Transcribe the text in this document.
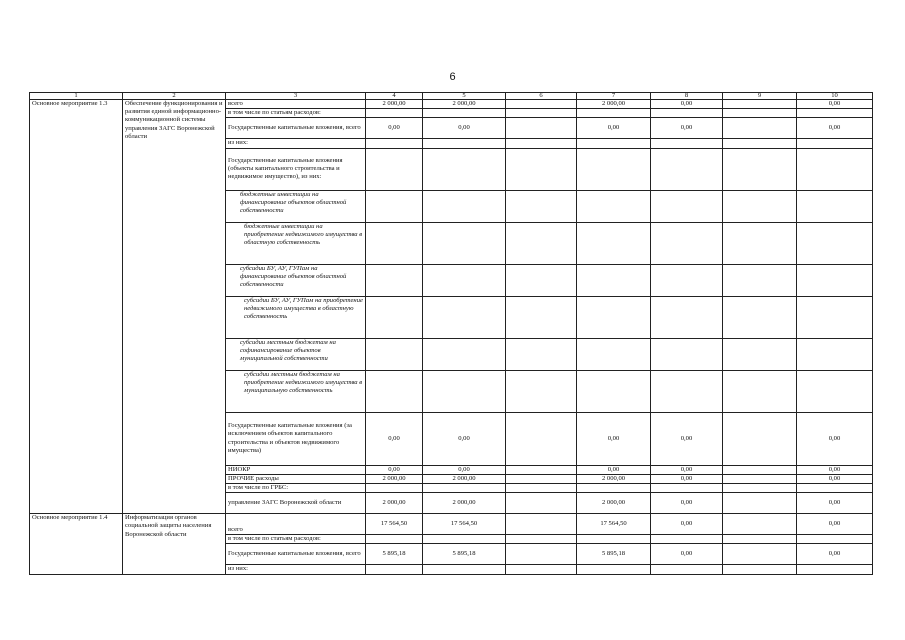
6
1	2	3	4	5	6	7	8	9	10
Основное мероприятие 1.3	Обеспечение функционирования и развития единой информационно-коммуникационной системы управления ЗАГС Воронежской области	всего	2 000,00	2 000,00		2 000,00	0,00		0,00
		в том числе по статьям расходов:							
		Государственные капитальные вложения, всего	0,00	0,00		0,00	0,00		0,00
		из них:							
		Государственные капитальные вложения (объекты капитального строительства и недвижимое имущество), из них:							
		бюджетные инвестиции на финансирование объектов областной собственности							
		бюджетные инвестиции на приобретение недвижимого имущества в областную собственность							
		субсидии БУ, АУ, ГУПам на финансирование объектов областной собственности							
		субсидии БУ, АУ, ГУПам на приобретение недвижимого имущества в областную собственность							
		субсидии местным бюджетам на софинансирование объектов муниципальной собственности							
		субсидии местным бюджетам на приобретение недвижимого имущества в муниципальную собственность							
		Государственные капитальные вложения (за исключением объектов капитального строительства и объектов недвижимого имущества)	0,00	0,00		0,00	0,00		0,00
		НИОКР	0,00	0,00		0,00	0,00		0,00
		ПРОЧИЕ расходы	2 000,00	2 000,00		2 000,00	0,00		0,00
		в том числе по ГРБС:							
		управление ЗАГС Воронежской области	2 000,00	2 000,00		2 000,00	0,00		0,00
Основное мероприятие 1.4	Информатизация органов социальной защиты населения Воронежской области	всего	17 564,50	17 564,50		17 564,50	0,00		0,00
		в том числе по статьям расходов:							
		Государственные капитальные вложения, всего	5 895,18	5 895,18		5 895,18	0,00		0,00
		из них:							
